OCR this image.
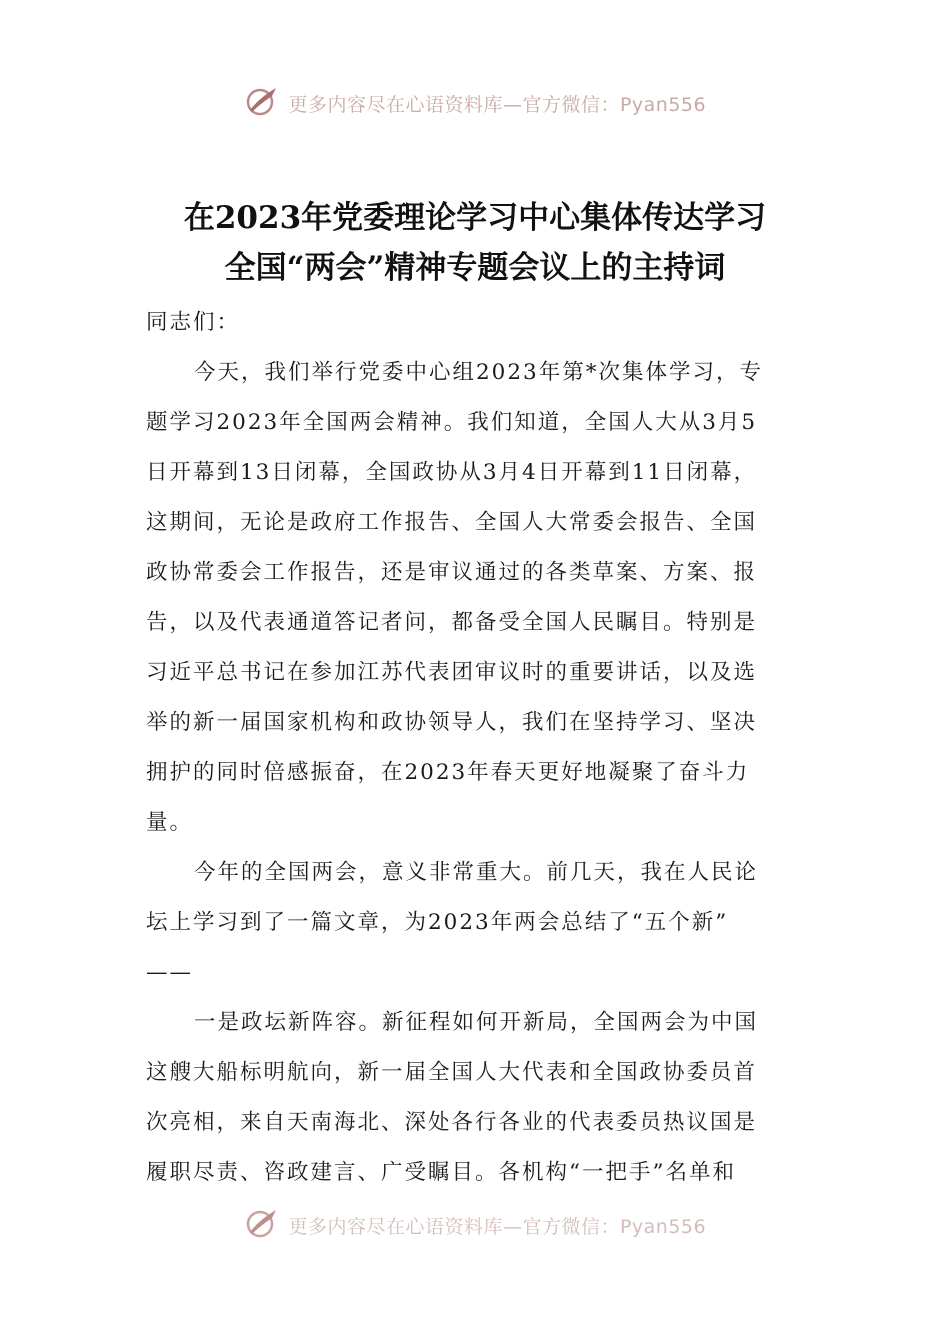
更多内容尽在心语资料库—官方微信：Pyan556
在2023年党委理论学习中心集体传达学习
全国“两会”精神专题会议上的主持词
同志们：
今天，我们举行党委中心组2023年第*次集体学习，专
题学习2023年全国两会精神。我们知道，全国人大从3月5
日开幕到13日闭幕，全国政协从3月4日开幕到11日闭幕，
这期间，无论是政府工作报告、全国人大常委会报告、全国
政协常委会工作报告，还是审议通过的各类草案、方案、报
告，以及代表通道答记者问，都备受全国人民瞩目。特别是
习近平总书记在参加江苏代表团审议时的重要讲话，以及选
举的新一届国家机构和政协领导人，我们在坚持学习、坚决
拥护的同时倍感振奋，在2023年春天更好地凝聚了奋斗力
量。
今年的全国两会，意义非常重大。前几天，我在人民论
坛上学习到了一篇文章，为2023年两会总结了“五个新”
——
一是政坛新阵容。新征程如何开新局，全国两会为中国
这艘大船标明航向，新一届全国人大代表和全国政协委员首
次亮相，来自天南海北、深处各行各业的代表委员热议国是
履职尽责、咨政建言、广受瞩目。各机构“一把手”名单和
更多内容尽在心语资料库—官方微信：Pyan556
